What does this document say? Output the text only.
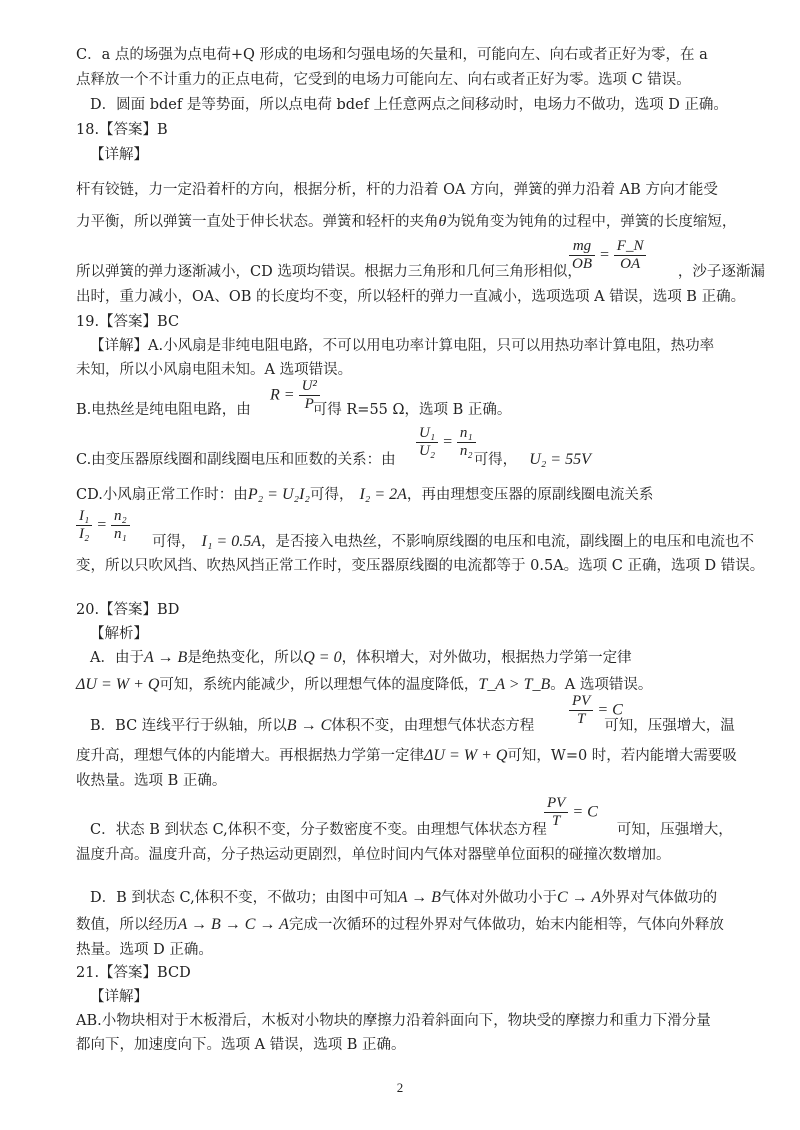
C．a 点的场强为点电荷+Q 形成的电场和匀强电场的矢量和，可能向左、向右或者正好为零，在 a
点释放一个不计重力的正点电荷，它受到的电场力可能向左、向右或者正好为零。选项 C 错误。
D．圆面 bdef 是等势面，所以点电荷 bdef 上任意两点之间移动时，电场力不做功，选项 D 正确。
18.【答案】B
【详解】
杆有铰链，力一定沿着杆的方向，根据分析，杆的力沿着 OA 方向，弹簧的弹力沿着 AB 方向才能受
力平衡，所以弹簧一直处于伸长状态。弹簧和轻杆的夹角θ为锐角变为钝角的过程中，弹簧的长度缩短，
$\frac{mg}{OB} = \frac{F\_N}{OA}$
所以弹簧的弹力逐渐减小，CD 选项均错误。根据力三角形和几何三角形相似，	，沙子逐渐漏
出时，重力减小，OA、OB 的长度均不变，所以轻杆的弹力一直减小，选项选项 A 错误，选项 B 正确。
19.【答案】BC
【详解】A.小风扇是非纯电阻电路，不可以用电功率计算电阻，只可以用热功率计算电阻，热功率
未知，所以小风扇电阻未知。A 选项错误。
$R = \frac{\text{U²}}{P}$
B.电热丝是纯电阻电路，由	可得 R=55 Ω，选项 B 正确。
$\frac{\text{U₁}}{\text{U₂}} = \frac{\text{n₁}}{\text{n₂}}$
C.由变压器原线圈和副线圈电压和匝数的关系：由	可得， U₂ = 55V
CD.小风扇正常工作时：由P₂ = U₂I₂可得， I₂ = 2A，再由理想变压器的原副线圈电流关系
$\frac{\text{I₁}}{\text{I₂}} = \frac{\text{n₂}}{\text{n₁}}$ 可得， I₁ = 0.5A，是否接入电热丝，不影响原线圈的电压和电流，副线圈上的电压和电流也不
变，所以只吹风挡、吹热风挡正常工作时，变压器原线圈的电流都等于 0.5A。选项 C 正确，选项 D 错误。
20.【答案】BD
【解析】
A．由于A → B是绝热变化，所以Q = 0，体积增大，对外做功，根据热力学第一定律
ΔU = W + Q可知，系统内能减少，所以理想气体的温度降低，T_A > T_B。A 选项错误。
$\frac{PV}{T} = C$
B．BC 连线平行于纵轴，所以B → C体积不变，由理想气体状态方程	可知，压强增大，温
度升高，理想气体的内能增大。再根据热力学第一定律ΔU = W + Q可知，W=0 时，若内能增大需要吸
收热量。选项 B 正确。
$\frac{PV}{T} = C$
C．状态 B 到状态 C,体积不变，分子数密度不变。由理想气体状态方程	可知，压强增大，
温度升高。温度升高，分子热运动更剧烈，单位时间内气体对器壁单位面积的碰撞次数增加。
D．B 到状态 C,体积不变，不做功；由图中可知A → B气体对外做功小于C → A外界对气体做功的
数值，所以经历A → B → C → A完成一次循环的过程外界对气体做功，始末内能相等，气体向外释放
热量。选项 D 正确。
21.【答案】BCD
【详解】
AB.小物块相对于木板滑后，木板对小物块的摩擦力沿着斜面向下，物块受的摩擦力和重力下滑分量
都向下，加速度向下。选项 A 错误，选项 B 正确。
2
